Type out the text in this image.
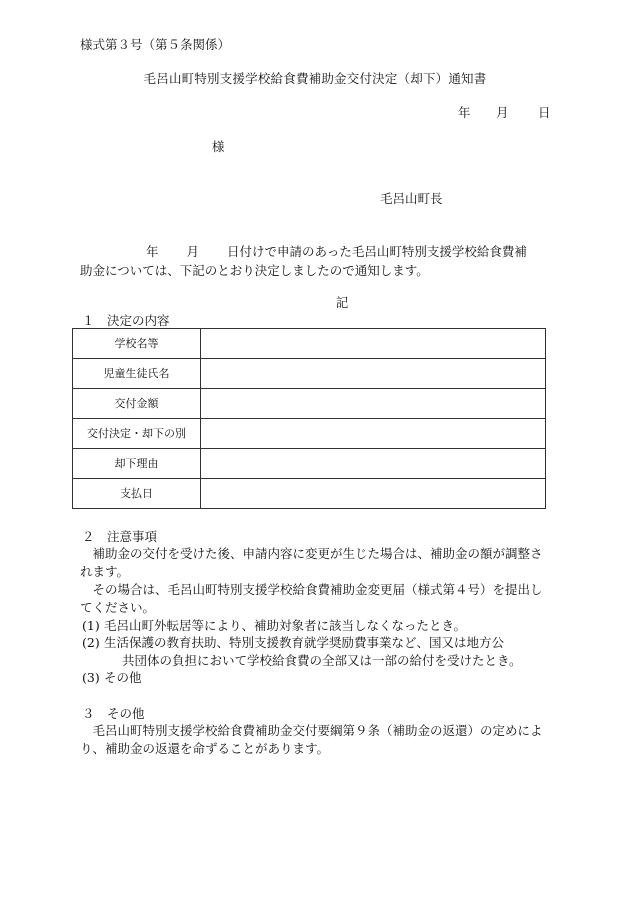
様式第３号（第５条関係）
毛呂山町特別支援学校給食費補助金交付決定（却下）通知書
年 月 日
様
毛呂山町長
年 月 日付けで申請のあった毛呂山町特別支援学校給食費補
助金については、下記のとおり決定しましたので通知します。
記
１　決定の内容
学校名等	
児童生徒氏名	
交付金額	
交付決定・却下の別	
却下理由	
支払日	
２　注意事項
補助金の交付を受けた後、申請内容に変更が生じた場合は、補助金の額が調整されます。
その場合は、毛呂山町特別支援学校給食費補助金変更届（様式第４号）を提出してください。
(1) 毛呂山町外転居等により、補助対象者に該当しなくなったとき。
(2) 生活保護の教育扶助、特別支援教育就学奨励費事業など、国又は地方公
共団体の負担において学校給食費の全部又は一部の給付を受けたとき。
(3) その他
３　その他
毛呂山町特別支援学校給食費補助金交付要綱第９条（補助金の返還）の定めにより、補助金の返還を命ずることがあります。
